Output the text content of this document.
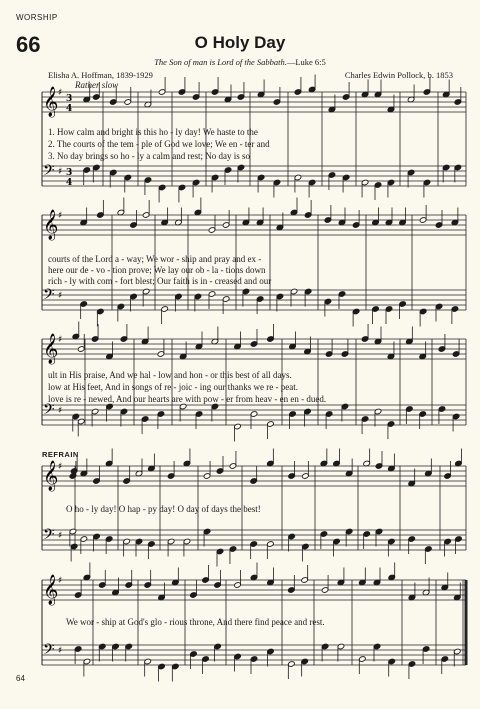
WORSHIP
66	O Holy Day
The Son of man is Lord of the Sabbath.—Luke 6:5
Elisha A. Hoffman, 1839-1929	Charles Edwin Pollock, b. 1853
Rather slow
𝄞 ♯
3
4
𝄢 ♯ 3
4
𝄞 ♯
𝄢 ♯
𝄞 ♯
𝄢 ♯
𝄞 ♯
𝄢 ♯
𝄞 ♯
𝄢 ♯
1. How calm and bright is this ho - ly day! We haste to the
2. The courts of the tem - ple of God we love; We en - ter and
3. No day brings so ho - ly a calm and rest; No day is so
courts of the Lord a - way; We wor - ship and pray and ex -
here our de - vo - tion prove; We lay our ob - la - tions down
rich - ly with com - fort blest; Our faith is in - creased and our
ult in His praise, And we hal - low and hon - or this best of all days.
low at His feet, And in songs of re - joic - ing our thanks we re - peat.
love is re - newed, And our hearts are with pow - er from heav - en en - dued.
REFRAIN
O ho - ly day! O hap - py day! O day of days the best!
We wor - ship at God's glo - rious throne, And there find peace and rest.
64
